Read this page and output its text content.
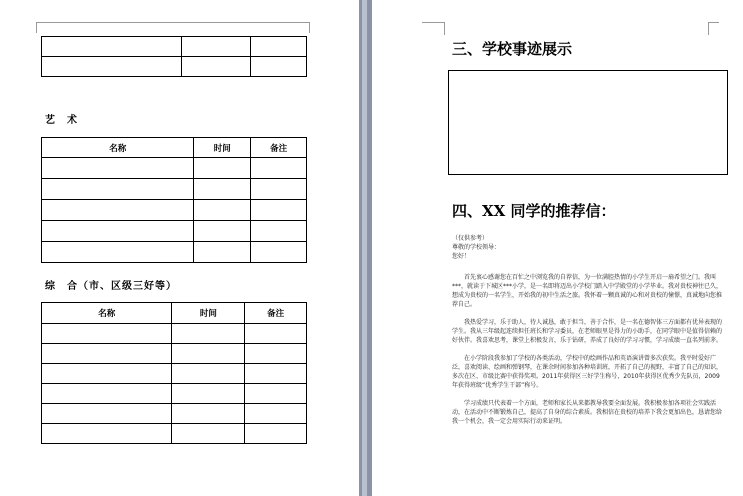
艺　术
名称	时间	备注

综　合（市、区级三好等）
名称	时间	备注

三、学校事迹展示
四、XX 同学的推荐信：
（仅供参考）
尊敬的学校领导：
您好！

首先衷心感谢您在百忙之中浏览我的自荐信，为一位满腔热情的小学生开启一扇希望之门。我叫***，就读于下城区***小学，是一名即将迈出小学校门踏入中学殿堂的小学毕业。我对贵校神往已久，想成为贵校的一名学生，开始我的初中生活之旅。我怀着一颗真诚的心和对贵校的憧憬，真诚地向您推荐自己。

我热爱学习，乐于助人，待人诚恳，敢于担当，善于合作，是一名在德智体三方面都有优异表现的学生。我从三年级起连续担任班长和学习委员，在老师眼里是得力的小助手，在同学眼中是值得信赖的好伙伴。我喜欢思考，课堂上积极发言，乐于钻研，养成了良好的学习习惯，学习成绩一直名列前茅。

在小学阶段我参加了学校的各类活动，学校中的绘画作品和英语演讲曾多次获奖。我平时爱好广泛，喜欢阅读、绘画和弹钢琴，在课余时间参加各种培训班，开拓了自己的视野，丰富了自己的知识，多次在区、市级比赛中获得奖项。2011年获得区三好学生称号，2010年获得区优秀少先队员，2009年获得班级“优秀学生干部”称号。

学习成绩只代表着一个方面，老师和家长从来都教导我要全面发展。我积极参加各项社会实践活动，在活动中不断锻炼自己，提高了自身的综合素质。我相信在贵校的培养下我会更加出色，恳请您给我一个机会，我一定会用实际行动来证明。
